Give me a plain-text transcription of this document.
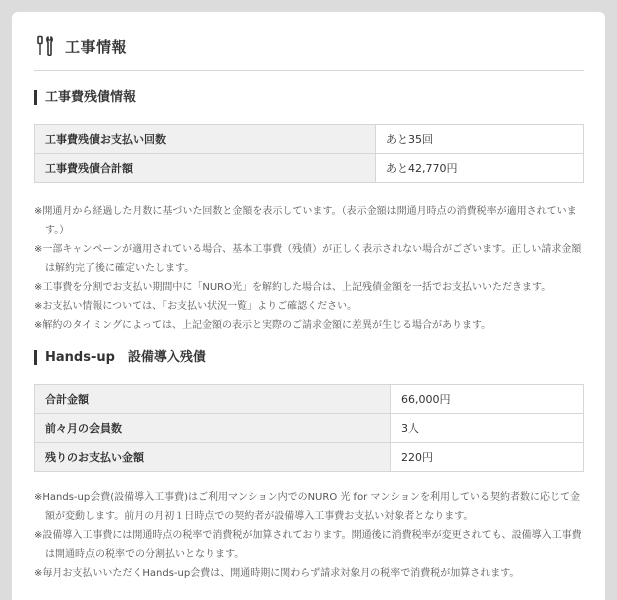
工事情報
工事費残債情報
工事費残債お支払い回数	あと35回
工事費残債合計額	あと42,770円
※開通月から経過した月数に基づいた回数と金額を表示しています。（表示金額は開通月時点の消費税率が適用されています。）
※一部キャンペーンが適用されている場合、基本工事費（残債）が正しく表示されない場合がございます。正しい請求金額は解約完了後に確定いたします。
※工事費を分割でお支払い期間中に「NURO光」を解約した場合は、上記残債金額を一括でお支払いいただきます。
※お支払い情報については、「お支払い状況一覧」よりご確認ください。
※解約のタイミングによっては、上記金額の表示と実際のご請求金額に差異が生じる場合があります。
Hands-up　設備導入残債
合計金額	66,000円
前々月の会員数	3人
残りのお支払い金額	220円
※Hands-up会費(設備導入工事費)はご利用マンション内でのNURO 光 for マンションを利用している契約者数に応じて金額が変動します。前月の月初１日時点での契約者が設備導入工事費お支払い対象者となります。
※設備導入工事費には開通時点の税率で消費税が加算されております。開通後に消費税率が変更されても、設備導入工事費は開通時点の税率での分割払いとなります。
※毎月お支払いいただくHands-up会費は、開通時期に関わらず請求対象月の税率で消費税が加算されます。
